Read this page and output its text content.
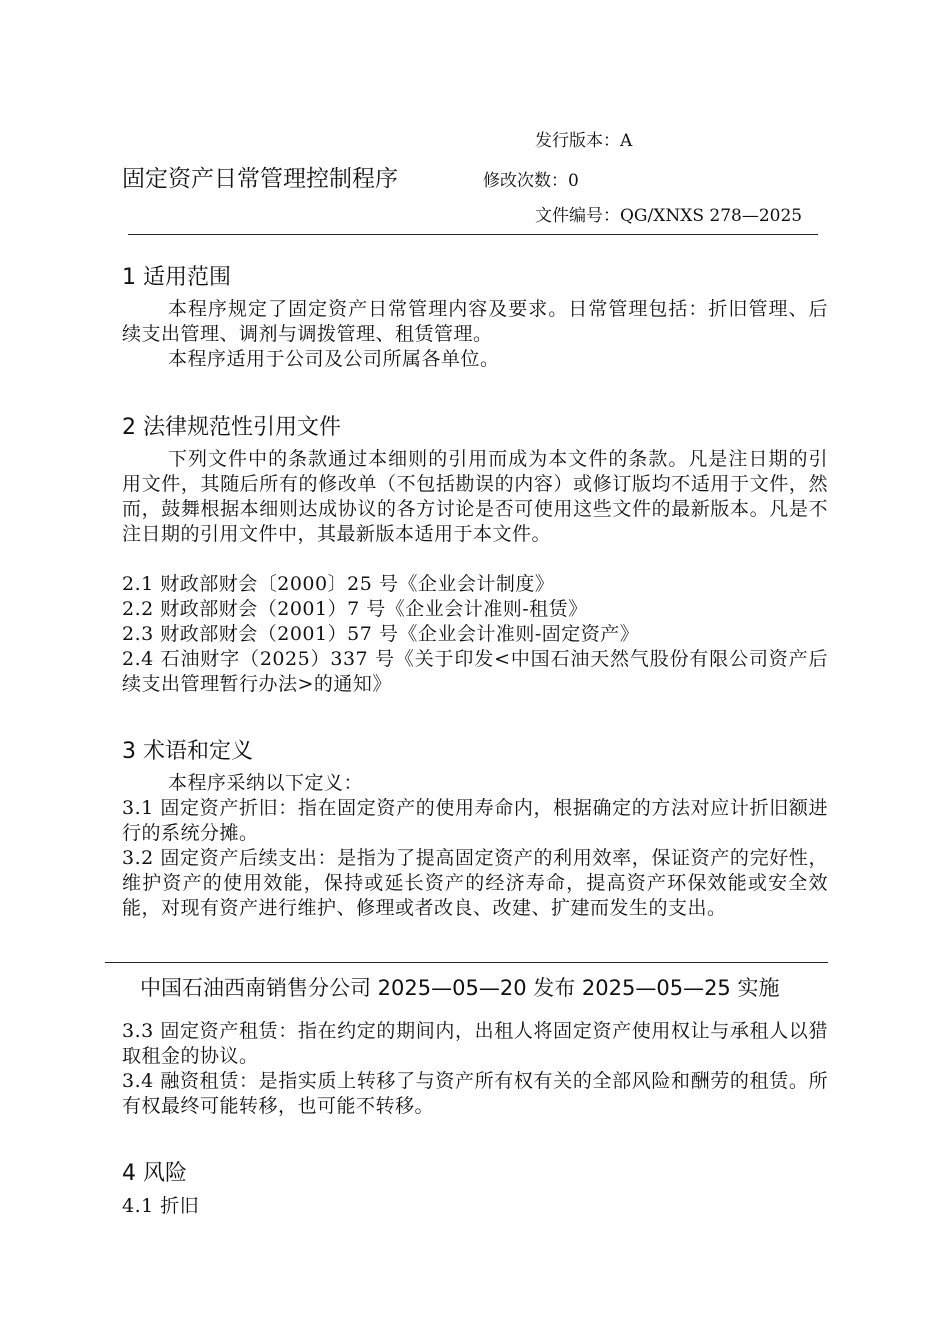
发行版本：A
固定资产日常管理控制程序	修改次数：0
文件编号：QG/XNXS 278—2025
1 适用范围
本程序规定了固定资产日常管理内容及要求。日常管理包括：折旧管理、后续支出管理、调剂与调拨管理、租赁管理。
本程序适用于公司及公司所属各单位。
2 法律规范性引用文件
下列文件中的条款通过本细则的引用而成为本文件的条款。凡是注日期的引用文件，其随后所有的修改单（不包括勘误的内容）或修订版均不适用于文件，然而，鼓舞根据本细则达成协议的各方讨论是否可使用这些文件的最新版本。凡是不注日期的引用文件中，其最新版本适用于本文件。
2.1 财政部财会〔2000〕25 号《企业会计制度》
2.2 财政部财会（2001）7 号《企业会计准则-租赁》
2.3 财政部财会（2001）57 号《企业会计准则-固定资产》
2.4 石油财字（2025）337 号《关于印发<中国石油天然气股份有限公司资产后续支出管理暂行办法>的通知》
3 术语和定义
本程序采纳以下定义：
3.1 固定资产折旧：指在固定资产的使用寿命内，根据确定的方法对应计折旧额进行的系统分摊。
3.2 固定资产后续支出：是指为了提高固定资产的利用效率，保证资产的完好性，维护资产的使用效能，保持或延长资产的经济寿命，提高资产环保效能或安全效能，对现有资产进行维护、修理或者改良、改建、扩建而发生的支出。
中国石油西南销售分公司 2025—05—20 发布 2025—05—25 实施
3.3 固定资产租赁：指在约定的期间内，出租人将固定资产使用权让与承租人以猎取租金的协议。
3.4 融资租赁：是指实质上转移了与资产所有权有关的全部风险和酬劳的租赁。所有权最终可能转移，也可能不转移。
4 风险
4.1 折旧
